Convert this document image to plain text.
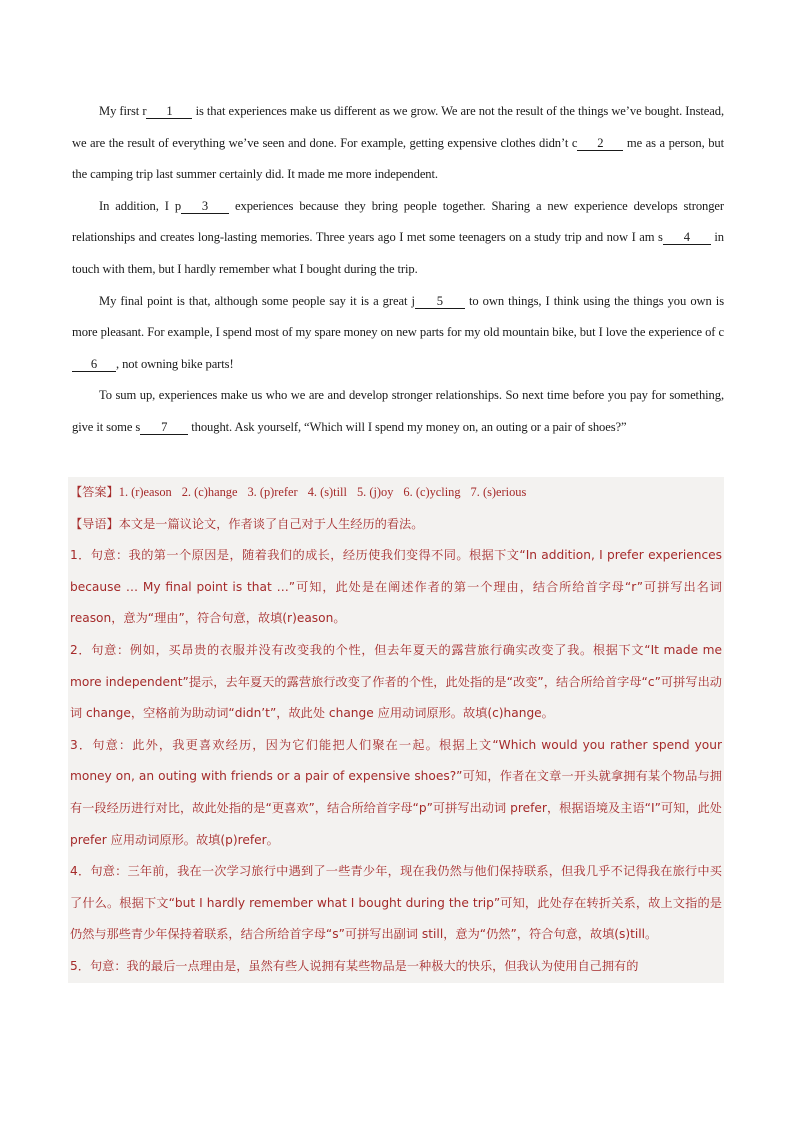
My first r 1 is that experiences make us different as we grow. We are not the result of the things we’ve bought. Instead, we are the result of everything we’ve seen and done. For example, getting expensive clothes didn’t c 2 me as a person, but the camping trip last summer certainly did. It made me more independent.

In addition, I p 3 experiences because they bring people together. Sharing a new experience develops stronger relationships and creates long-lasting memories. Three years ago I met some teenagers on a study trip and now I am s 4 in touch with them, but I hardly remember what I bought during the trip.

My final point is that, although some people say it is a great j 5 to own things, I think using the things you own is more pleasant. For example, I spend most of my spare money on new parts for my old mountain bike, but I love the experience of c6 , not owning bike parts!

To sum up, experiences make us who we are and develop stronger relationships. So next time before you pay for something, give it some s 7 thought. Ask yourself, “Which will I spend my money on, an outing or a pair of shoes?”

【答案】1. (r)eason 2. (c)hange 3. (p)refer 4. (s)till 5. (j)oy 6. (c)ycling 7. (s)erious

【导语】本文是一篇议论文，作者谈了自己对于人生经历的看法。

1．句意：我的第一个原因是，随着我们的成长，经历使我们变得不同。根据下文“In addition, I prefer experiences because … My final point is that …”可知，此处是在阐述作者的第一个理由，结合所给首字母“r”可拼写出名词 reason，意为“理由”，符合句意，故填(r)eason。

2．句意：例如，买昂贵的衣服并没有改变我的个性，但去年夏天的露营旅行确实改变了我。根据下文“It made me more independent”提示，去年夏天的露营旅行改变了作者的个性，此处指的是“改变”，结合所给首字母“c”可拼写出动词 change，空格前为助动词“didn’t”，故此处 change 应用动词原形。故填(c)hange。

3．句意：此外，我更喜欢经历，因为它们能把人们聚在一起。根据上文“Which would you rather spend your money on, an outing with friends or a pair of expensive shoes?”可知，作者在文章一开头就拿拥有某个物品与拥有一段经历进行对比，故此处指的是“更喜欢”，结合所给首字母“p”可拼写出动词 prefer，根据语境及主语“I”可知，此处 prefer 应用动词原形。故填(p)refer。

4．句意：三年前，我在一次学习旅行中遇到了一些青少年，现在我仍然与他们保持联系，但我几乎不记得我在旅行中买了什么。根据下文“but I hardly remember what I bought during the trip”可知，此处存在转折关系，故上文指的是仍然与那些青少年保持着联系，结合所给首字母“s”可拼写出副词 still，意为“仍然”，符合句意，故填(s)till。

5．句意：我的最后一点理由是，虽然有些人说拥有某些物品是一种极大的快乐，但我认为使用自己拥有的
